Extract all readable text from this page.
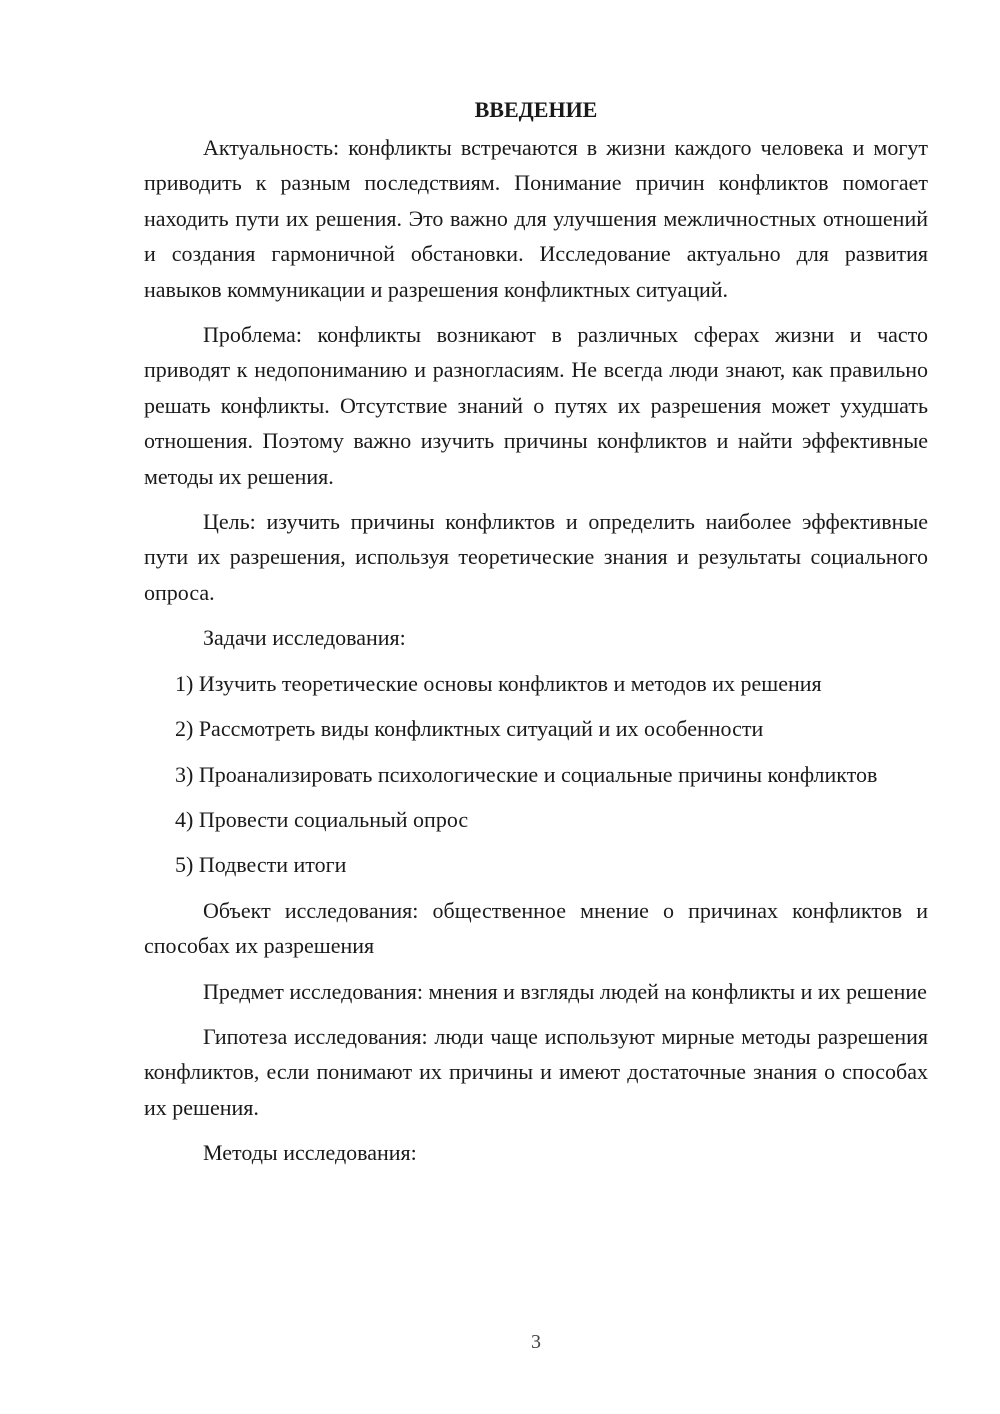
ВВЕДЕНИЕ

Актуальность: конфликты встречаются в жизни каждого человека и могут приводить к разным последствиям. Понимание причин конфликтов помогает находить пути их решения. Это важно для улучшения межличностных отношений и создания гармоничной обстановки. Исследование актуально для развития навыков коммуникации и разрешения конфликтных ситуаций.

Проблема: конфликты возникают в различных сферах жизни и часто приводят к недопониманию и разногласиям. Не всегда люди знают, как правильно решать конфликты. Отсутствие знаний о путях их разрешения может ухудшать отношения. Поэтому важно изучить причины конфликтов и найти эффективные методы их решения.

Цель: изучить причины конфликтов и определить наиболее эффективные пути их разрешения, используя теоретические знания и результаты социального опроса.

Задачи исследования:

1) Изучить теоретические основы конфликтов и методов их решения

2) Рассмотреть виды конфликтных ситуаций и их особенности

3) Проанализировать психологические и социальные причины конфликтов

4) Провести социальный опрос

5) Подвести итоги

Объект исследования: общественное мнение о причинах конфликтов и способах их разрешения

Предмет исследования: мнения и взгляды людей на конфликты и их решение

Гипотеза исследования: люди чаще используют мирные методы разрешения конфликтов, если понимают их причины и имеют достаточные знания о способах их решения.

Методы исследования:

3
